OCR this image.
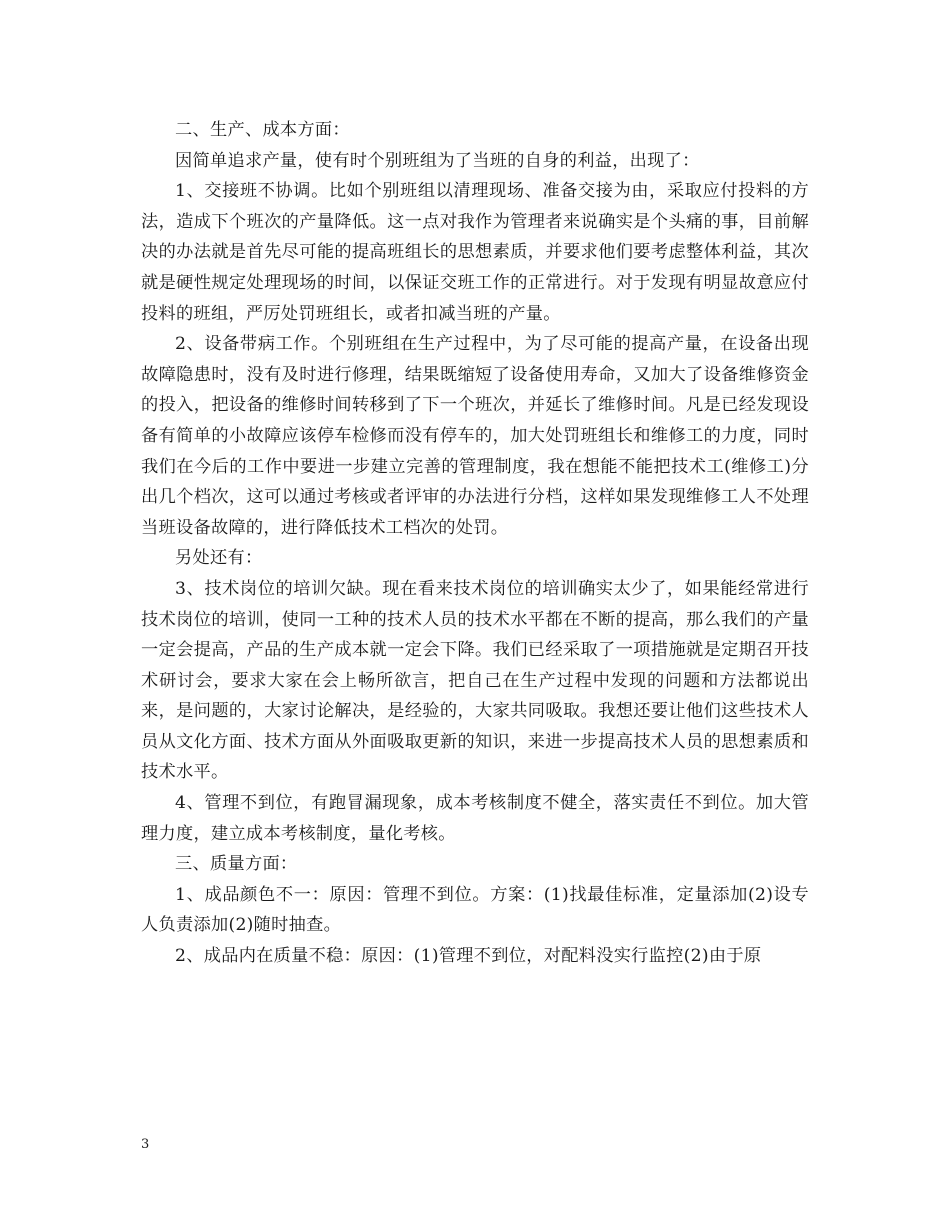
二、生产、成本方面：

因简单追求产量，使有时个别班组为了当班的自身的利益，出现了：

1、交接班不协调。比如个别班组以清理现场、准备交接为由，采取应付投料的方法，造成下个班次的产量降低。这一点对我作为管理者来说确实是个头痛的事，目前解决的办法就是首先尽可能的提高班组长的思想素质，并要求他们要考虑整体利益，其次就是硬性规定处理现场的时间，以保证交班工作的正常进行。对于发现有明显故意应付投料的班组，严厉处罚班组长，或者扣减当班的产量。

2、设备带病工作。个别班组在生产过程中，为了尽可能的提高产量，在设备出现故障隐患时，没有及时进行修理，结果既缩短了设备使用寿命，又加大了设备维修资金的投入，把设备的维修时间转移到了下一个班次，并延长了维修时间。凡是已经发现设备有简单的小故障应该停车检修而没有停车的，加大处罚班组长和维修工的力度，同时我们在今后的工作中要进一步建立完善的管理制度，我在想能不能把技术工(维修工)分出几个档次，这可以通过考核或者评审的办法进行分档，这样如果发现维修工人不处理当班设备故障的，进行降低技术工档次的处罚。

另处还有：

3、技术岗位的培训欠缺。现在看来技术岗位的培训确实太少了，如果能经常进行技术岗位的培训，使同一工种的技术人员的技术水平都在不断的提高，那么我们的产量一定会提高，产品的生产成本就一定会下降。我们已经采取了一项措施就是定期召开技术研讨会，要求大家在会上畅所欲言，把自己在生产过程中发现的问题和方法都说出来，是问题的，大家讨论解决，是经验的，大家共同吸取。我想还要让他们这些技术人员从文化方面、技术方面从外面吸取更新的知识，来进一步提高技术人员的思想素质和技术水平。

4、管理不到位，有跑冒漏现象，成本考核制度不健全，落实责任不到位。加大管理力度，建立成本考核制度，量化考核。

三、质量方面：

1、成品颜色不一：原因：管理不到位。方案：(1)找最佳标准，定量添加(2)设专人负责添加(2)随时抽查。

2、成品内在质量不稳：原因：(1)管理不到位，对配料没实行监控(2)由于原

3
